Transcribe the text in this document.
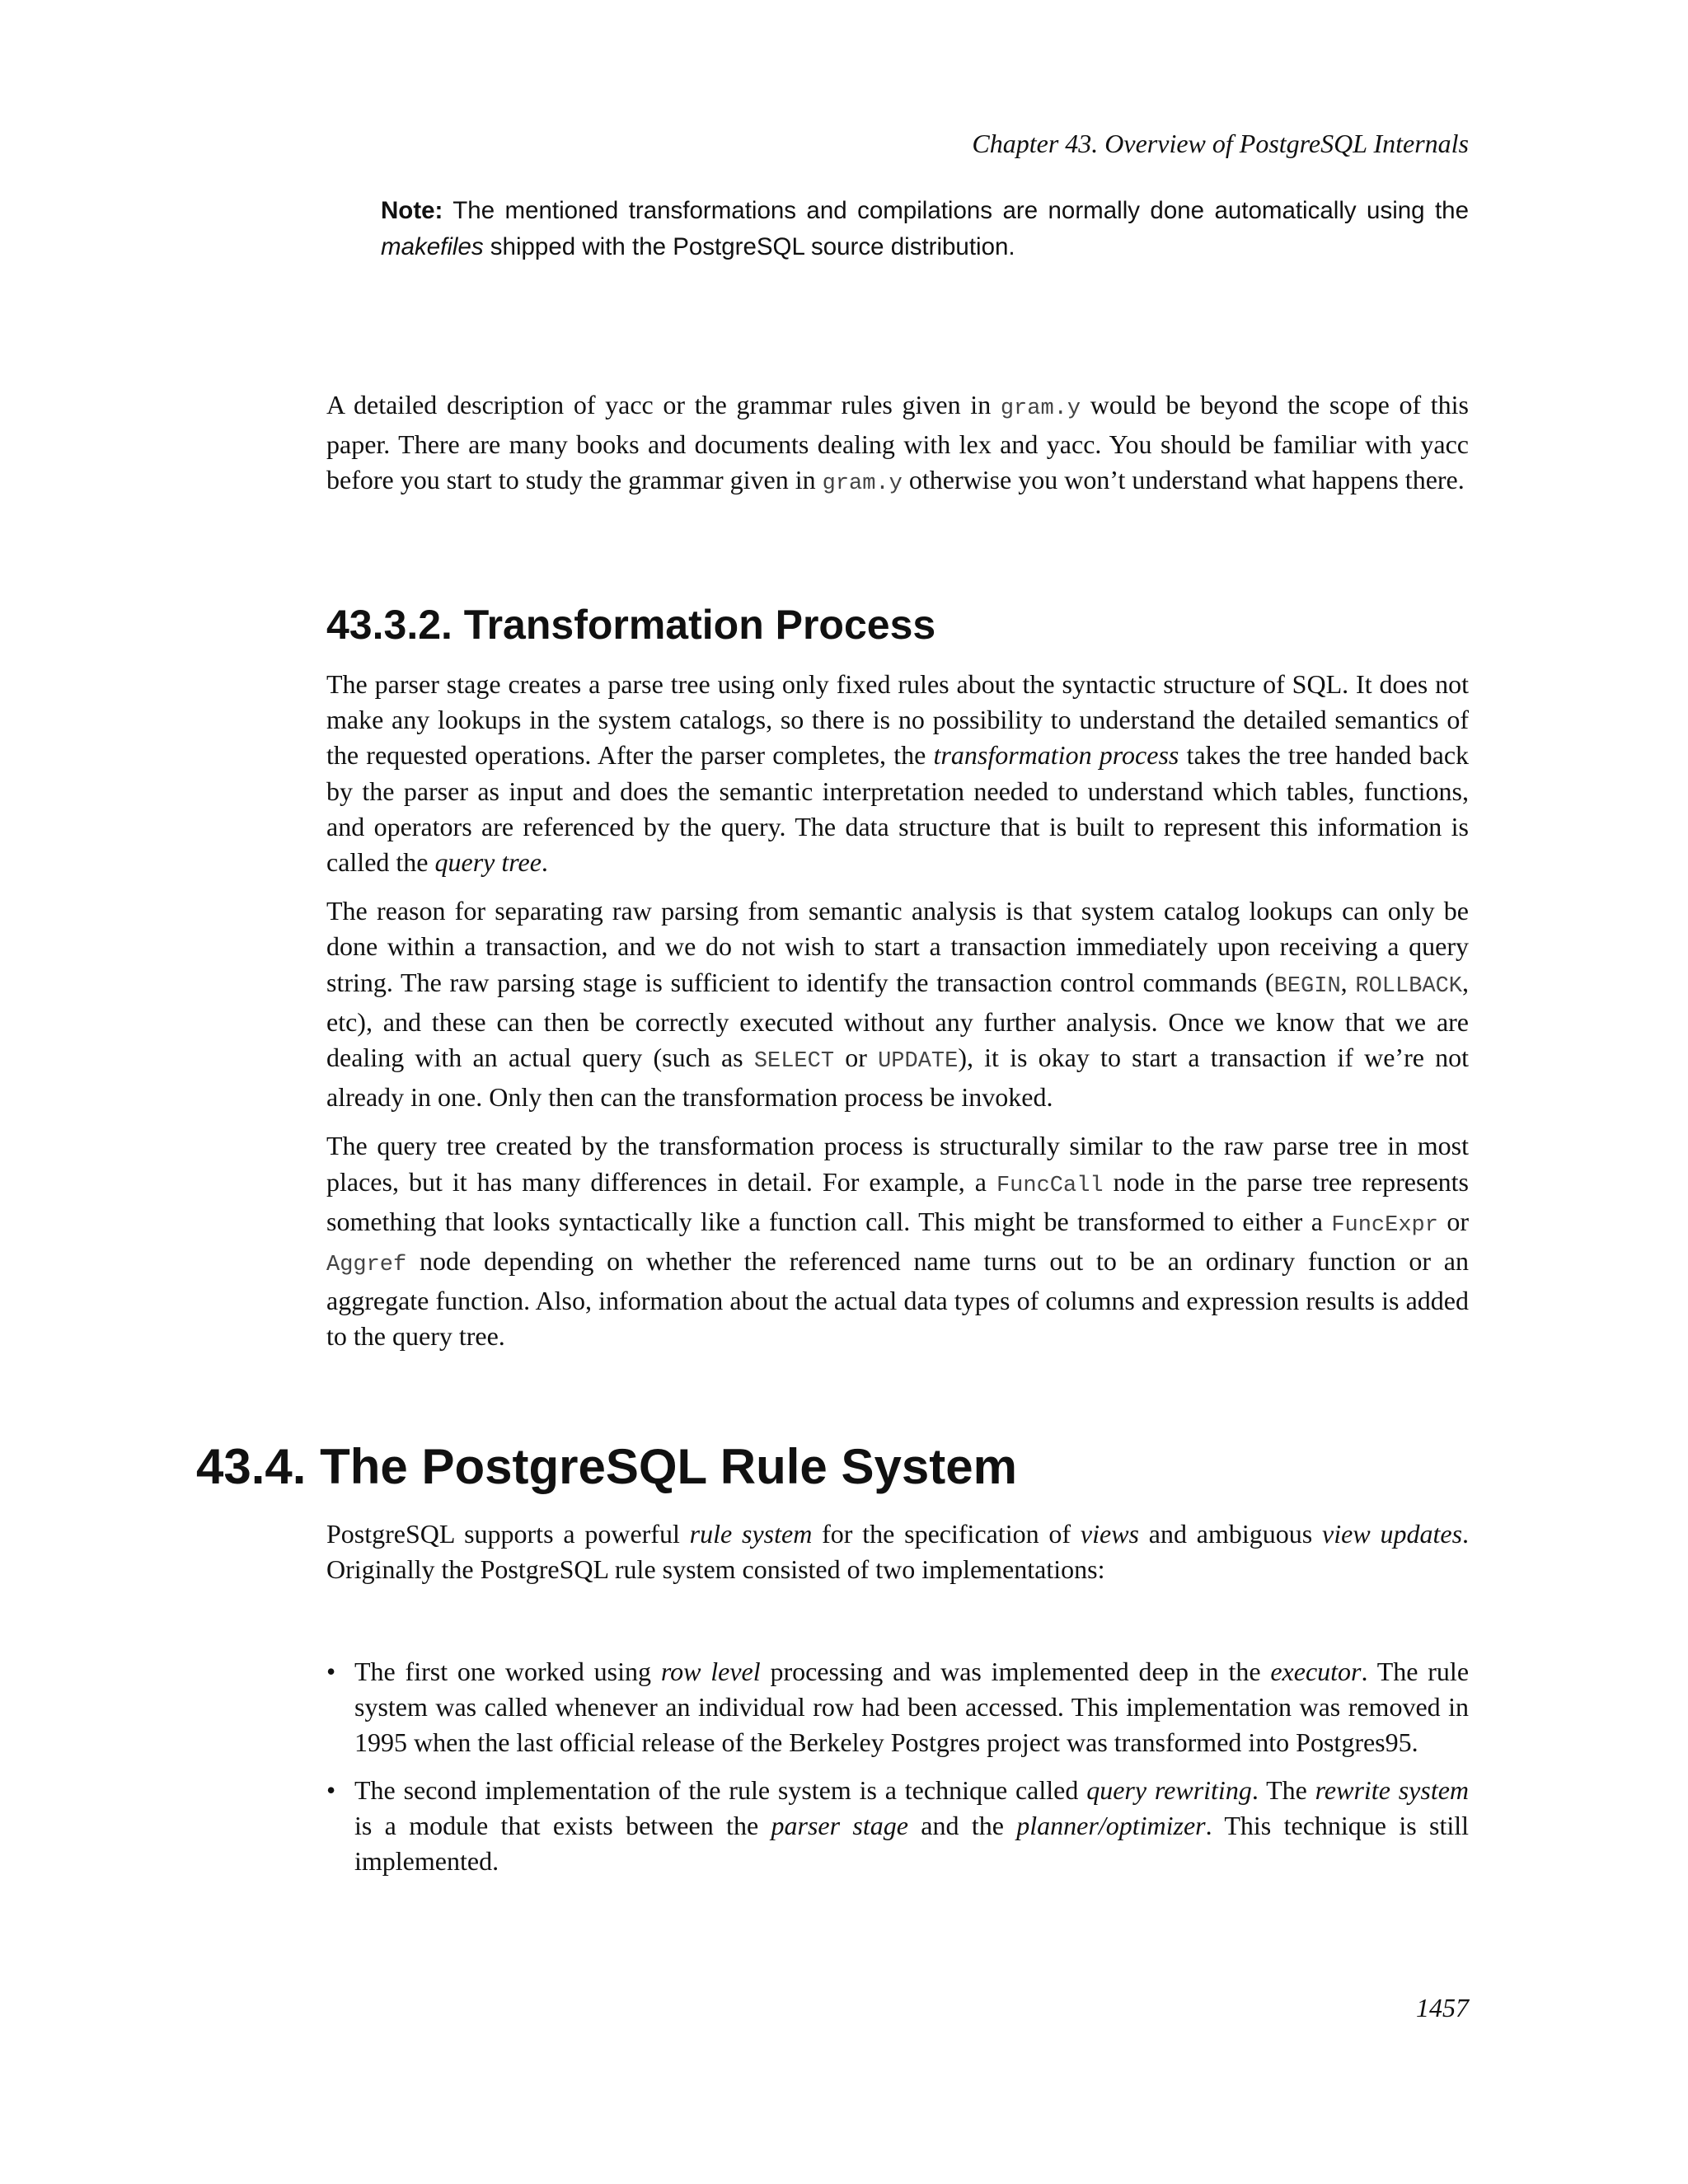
Chapter 43. Overview of PostgreSQL Internals
Note: The mentioned transformations and compilations are normally done automatically using the makefiles shipped with the PostgreSQL source distribution.

A detailed description of yacc or the grammar rules given in gram.y would be beyond the scope of this paper. There are many books and documents dealing with lex and yacc. You should be familiar with yacc before you start to study the grammar given in gram.y otherwise you won’t understand what happens there.

43.3.2. Transformation Process

The parser stage creates a parse tree using only fixed rules about the syntactic structure of SQL. It does not make any lookups in the system catalogs, so there is no possibility to understand the detailed semantics of the requested operations. After the parser completes, the transformation process takes the tree handed back by the parser as input and does the semantic interpretation needed to understand which tables, functions, and operators are referenced by the query. The data structure that is built to represent this information is called the query tree.

The reason for separating raw parsing from semantic analysis is that system catalog lookups can only be done within a transaction, and we do not wish to start a transaction immediately upon receiving a query string. The raw parsing stage is sufficient to identify the transaction control commands (BEGIN, ROLLBACK, etc), and these can then be correctly executed without any further analysis. Once we know that we are dealing with an actual query (such as SELECT or UPDATE), it is okay to start a transaction if we’re not already in one. Only then can the transformation process be invoked.

The query tree created by the transformation process is structurally similar to the raw parse tree in most places, but it has many differences in detail. For example, a FuncCall node in the parse tree represents something that looks syntactically like a function call. This might be transformed to either a FuncExpr or Aggref node depending on whether the referenced name turns out to be an ordinary function or an aggregate function. Also, information about the actual data types of columns and expression results is added to the query tree.

43.4. The PostgreSQL Rule System

PostgreSQL supports a powerful rule system for the specification of views and ambiguous view updates. Originally the PostgreSQL rule system consisted of two implementations:

• The first one worked using row level processing and was implemented deep in the executor. The rule system was called whenever an individual row had been accessed. This implementation was removed in 1995 when the last official release of the Berkeley Postgres project was transformed into Postgres95.
• The second implementation of the rule system is a technique called query rewriting. The rewrite system is a module that exists between the parser stage and the planner/optimizer. This technique is still implemented.
1457
